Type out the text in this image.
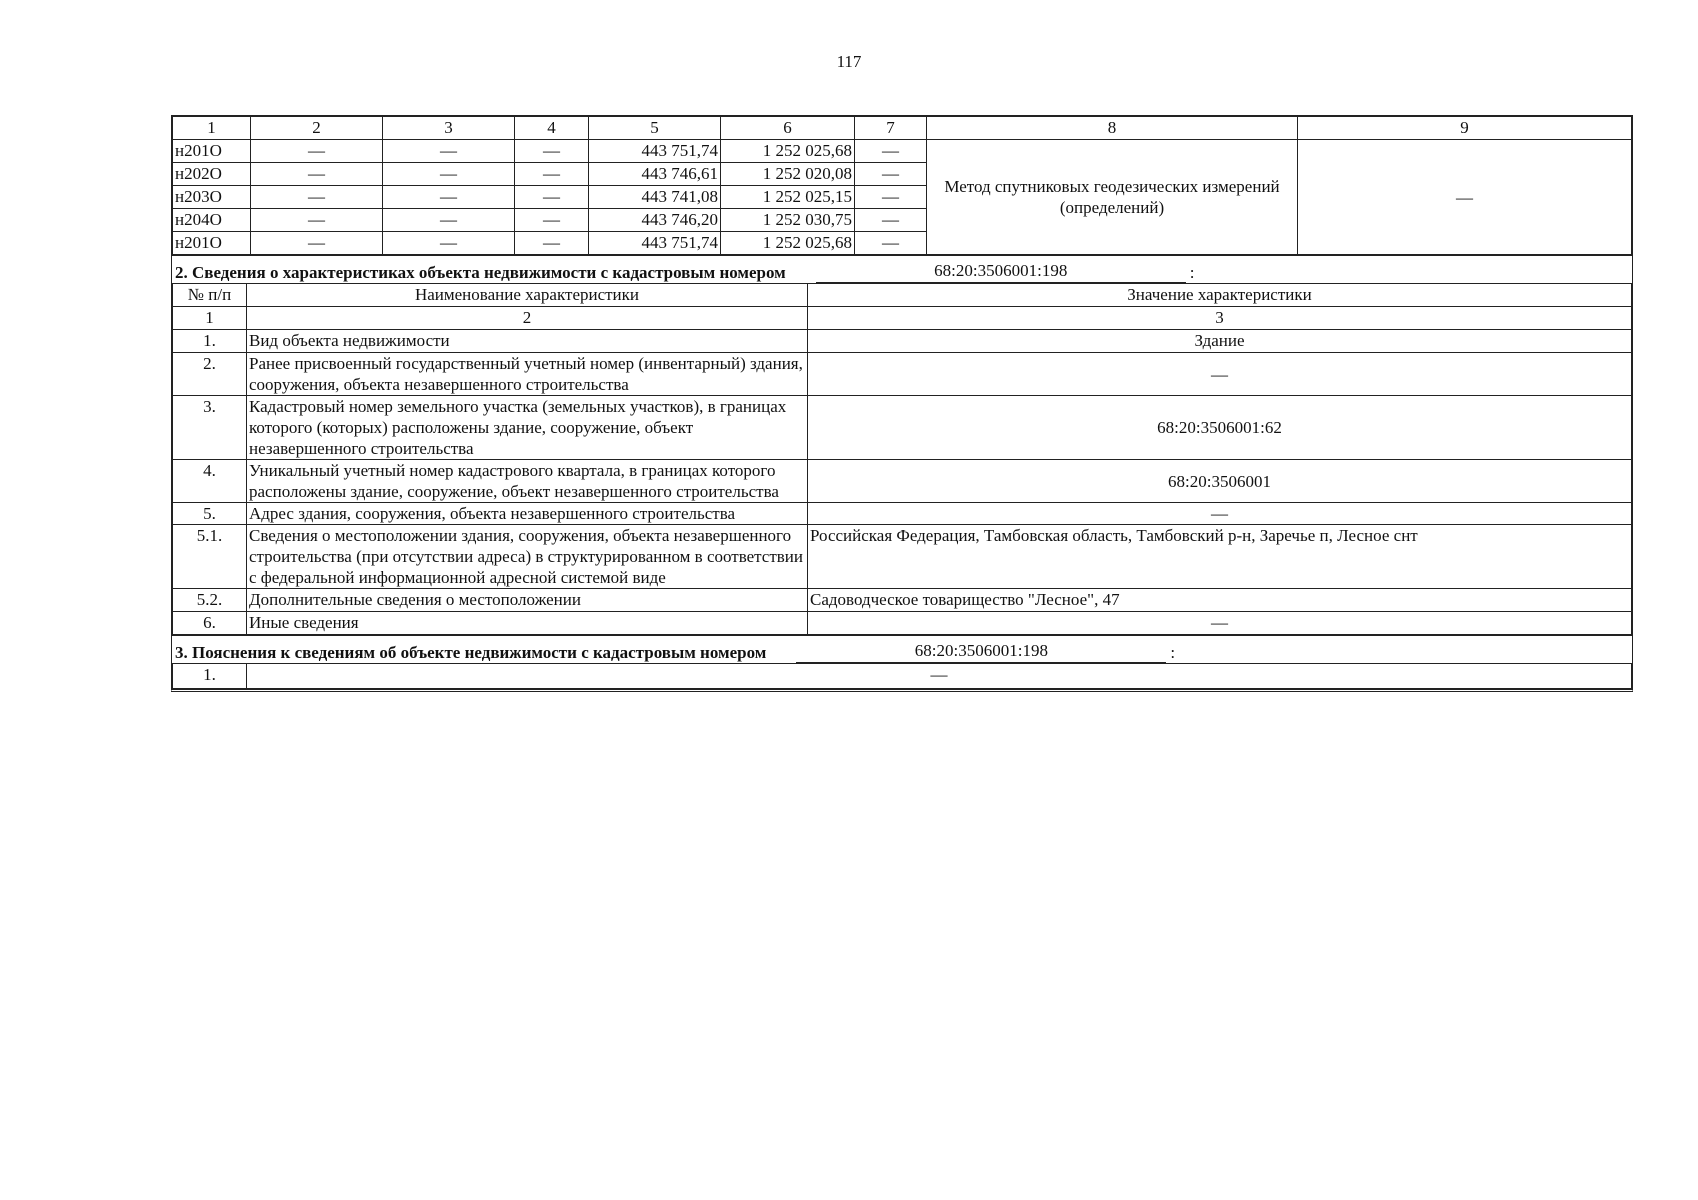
117
1	2	3	4	5	6	7	8	9
н201О	—	—	—	443 751,74	1 252 025,68	—	Метод спутниковых геодезических измерений (определений)	—
н202О	—	—	—	443 746,61	1 252 020,08	—		
н203О	—	—	—	443 741,08	1 252 025,15	—		
н204О	—	—	—	443 746,20	1 252 030,75	—		
н201О	—	—	—	443 751,74	1 252 025,68	—		
2. Сведения о характеристиках объекта недвижимости с кадастровым номером	68:20:3506001:198	:
№ п/п	Наименование характеристики	Значение характеристики
1	2	3
1.	Вид объекта недвижимости	Здание
2.	Ранее присвоенный государственный учетный номер (инвентарный) здания, сооружения, объекта незавершенного строительства	—
3.	Кадастровый номер земельного участка (земельных участков), в границах которого (которых) расположены здание, сооружение, объект незавершенного строительства	68:20:3506001:62
4.	Уникальный учетный номер кадастрового квартала, в границах которого расположены здание, сооружение, объект незавершенного строительства	68:20:3506001
5.	Адрес здания, сооружения, объекта незавершенного строительства	—
5.1.	Сведения о местоположении здания, сооружения, объекта незавершенного строительства (при отсутствии адреса) в структурированном в соответствии с федеральной информационной адресной системой виде	Российская Федерация, Тамбовская область, Тамбовский р-н, Заречье п, Лесное снт
5.2.	Дополнительные сведения о местоположении	Садоводческое товарищество "Лесное", 47
6.	Иные сведения	—
3. Пояснения к сведениям об объекте недвижимости с кадастровым номером	68:20:3506001:198	:
1.	—
